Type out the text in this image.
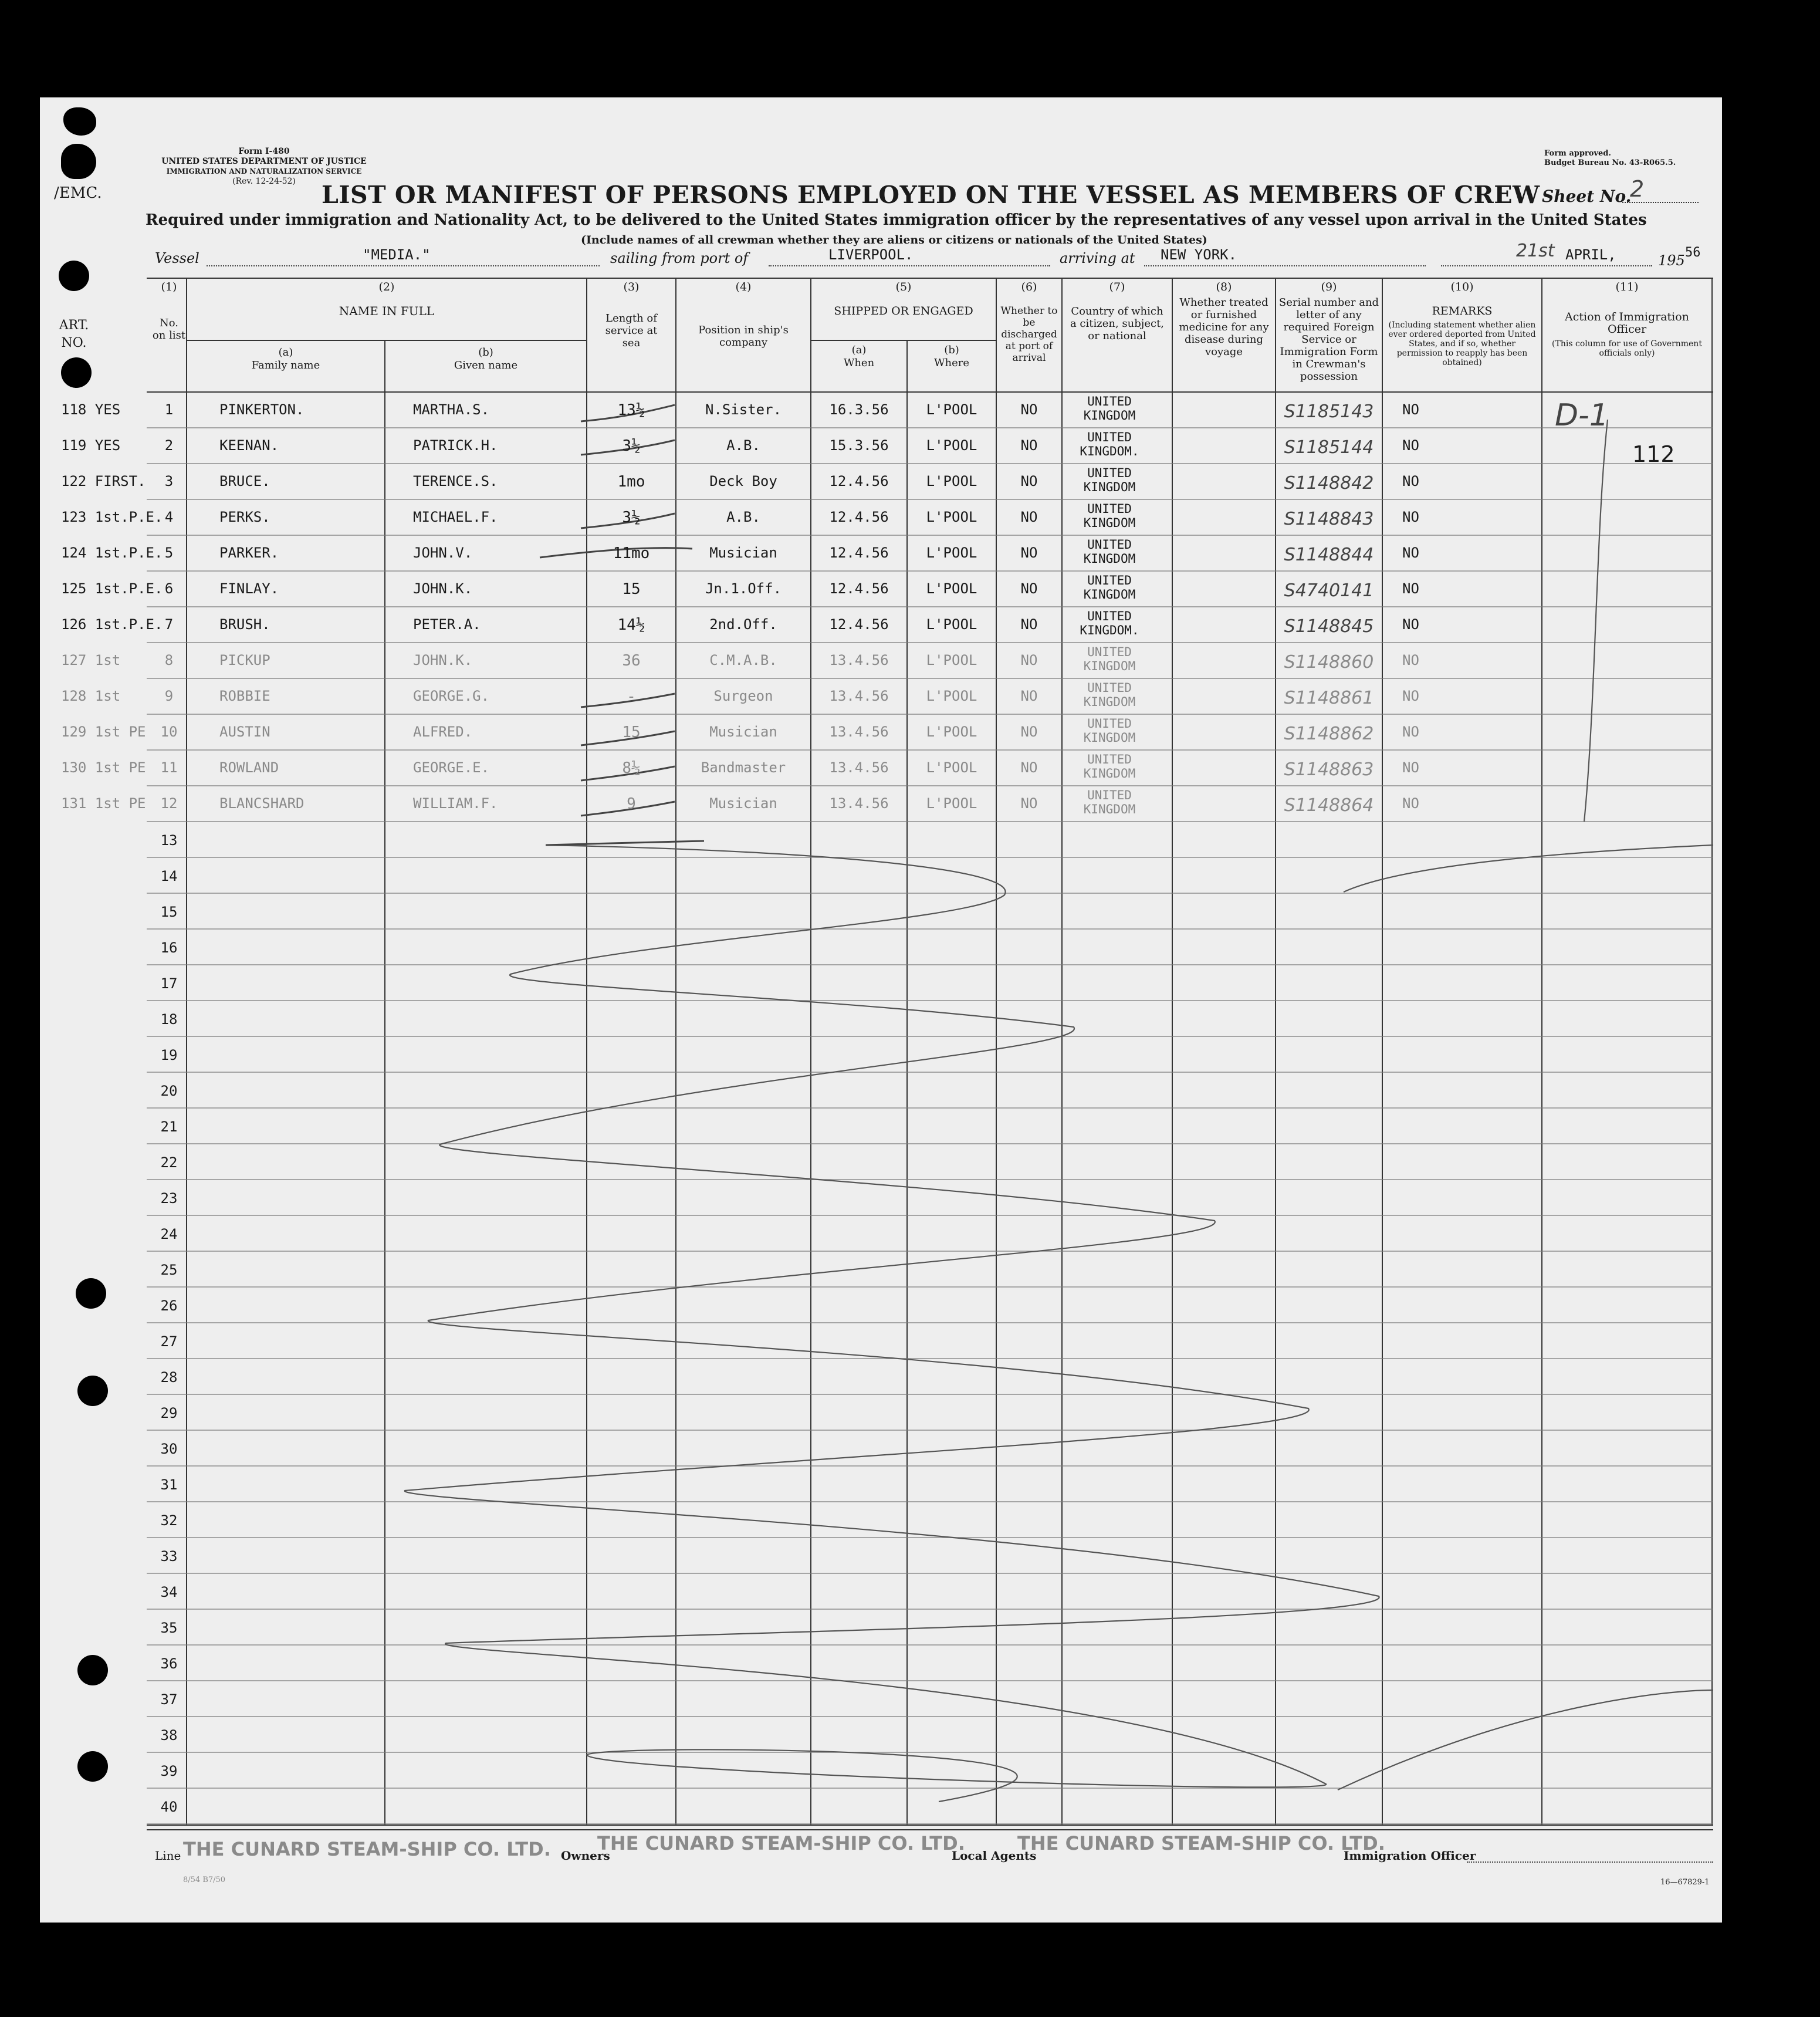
Form I-480
UNITED STATES DEPARTMENT OF JUSTICE
IMMIGRATION AND NATURALIZATION SERVICE
(Rev. 12-24-52)
/EMC.
Form approved.
Budget Bureau No. 43-R065.5.
LIST OR MANIFEST OF PERSONS EMPLOYED ON THE VESSEL AS MEMBERS OF CREW Sheet No.
2
Required under immigration and Nationality Act, to be delivered to the United States immigration officer by the representatives of any vessel upon arrival in the United States
(Include names of all crewman whether they are aliens or citizens or nationals of the United States)
Vessel	"MEDIA."	sailing from port of	LIVERPOOL.	arriving at NEW YORK.	21st APRIL,	195 56
(1)	(2)	(3)	(4)	(5)	(6)	(7)	(8)	(9)	(10)	(11)
ART. NO.
No. on list
NAME IN FULL
(a)
Family name
(b)
Given name
Length of service at sea
Position in ship's company
SHIPPED OR ENGAGED
(a)
When
(b)
Where
Whether to be discharged at port of arrival
Country of which a citizen, subject, or national
Whether treated or furnished medicine for any disease during voyage
Serial number and letter of any required Foreign Service or Immigration Form in Crewman's possession
REMARKS
(Including statement whether alien ever ordered deported from United States, and if so, whether permission to reapply has been obtained)
Action of Immigration Officer
(This column for use of Government officials only)
118 YES	1	PINKERTON.	MARTHA.S.	13½	N.Sister.	16.3.56	L'POOL	NO	UNITED KINGDOM	S1185143	NO
119 YES	2	KEENAN.	PATRICK.H.	3½	A.B.	15.3.56	L'POOL	NO	UNITED KINGDOM.	S1185144	NO
122 FIRST.	3	BRUCE.	TERENCE.S.	1mo	Deck Boy	12.4.56	L'POOL	NO	UNITED KINGDOM	S1148842	NO
123 1st.P.E. 4	PERKS.	MICHAEL.F.	3½	A.B.	12.4.56	L'POOL	NO	UNITED KINGDOM	S1148843	NO
124 1st.P.E. 5	PARKER.	JOHN.V.	11mo	Musician	12.4.56	L'POOL	NO	UNITED KINGDOM	S1148844	NO
125 1st.P.E. 6	FINLAY.	JOHN.K.	15	Jn.1.Off.	12.4.56	L'POOL	NO	UNITED KINGDOM	S4740141	NO
126 1st.P.E. 7	BRUSH.	PETER.A.	14½	2nd.Off.	12.4.56	L'POOL	NO	UNITED KINGDOM.	S1148845	NO
127 1st	8	PICKUP	JOHN.K.	36	C.M.A.B.	13.4.56	L'POOL	NO	UNITED KINGDOM	S1148860	NO
128 1st	9	ROBBIE	GEORGE.G.	-	Surgeon	13.4.56	L'POOL	NO	UNITED KINGDOM	S1148861	NO
129 1st PE	10	AUSTIN	ALFRED.	15	Musician	13.4.56	L'POOL	NO	UNITED KINGDOM	S1148862	NO
130 1st PE	11	ROWLAND	GEORGE.E.	8½	Bandmaster	13.4.56	L'POOL	NO	UNITED KINGDOM	S1148863	NO
131 1st PE	12	BLANCSHARD	WILLIAM.F.	9	Musician	13.4.56	L'POOL	NO	UNITED KINGDOM	S1148864	NO
13
14
15
16
17
18
19
20
21
22
23
24
25
26
27
28
29
30
31
32
33
34
35
36
37
38
39
40
D-1
112
Line THE CUNARD STEAM-SHIP CO. LTD. Owners
THE CUNARD STEAM-SHIP CO. LTD.
Local Agents
THE CUNARD STEAM-SHIP CO. LTD.
Immigration Officer
8/54 B7/50	16—67829-1
